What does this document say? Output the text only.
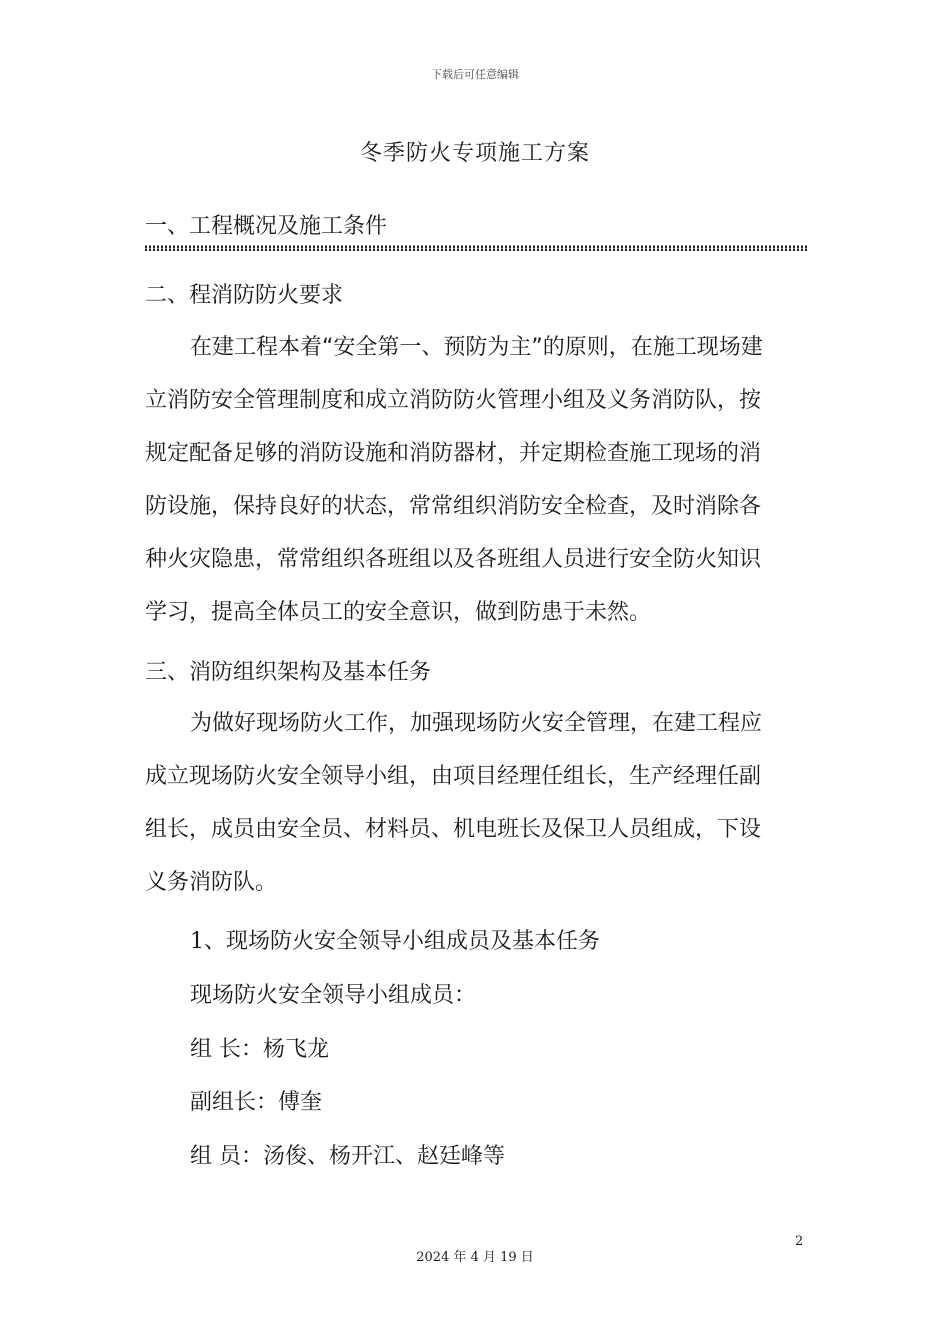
下载后可任意编辑
冬季防火专项施工方案
一、工程概况及施工条件
二、程消防防火要求
在建工程本着“安全第一、预防为主”的原则，在施工现场建
立消防安全管理制度和成立消防防火管理小组及义务消防队，按
规定配备足够的消防设施和消防器材，并定期检查施工现场的消
防设施，保持良好的状态，常常组织消防安全检查，及时消除各
种火灾隐患，常常组织各班组以及各班组人员进行安全防火知识
学习，提高全体员工的安全意识，做到防患于未然。
三、消防组织架构及基本任务
为做好现场防火工作，加强现场防火安全管理，在建工程应
成立现场防火安全领导小组，由项目经理任组长，生产经理任副
组长，成员由安全员、材料员、机电班长及保卫人员组成，下设
义务消防队。
1、现场防火安全领导小组成员及基本任务
现场防火安全领导小组成员：
组 长：杨飞龙
副组长：傅奎
组 员：汤俊、杨开江、赵廷峰等
2
2024 年 4 月 19 日
